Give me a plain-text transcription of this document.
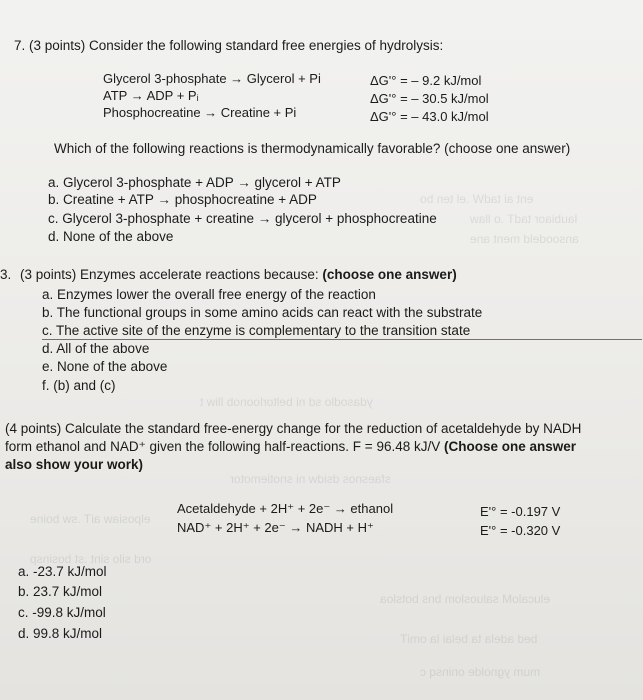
ent ai tadW .el ten bo
laubiaor tadT .o llaw
ansoodeld ment ane
ydasodlo sd ni beltorloonob lliw t
sfaesnos dsidw ni snotiemotor
elposiaw aiT .sw boine
ord silo sint .st bosinsp
elucaloM saluoslom bns botsloa
bed adela ta belai la omiT
mum ygnolde oninsq c
7. (3 points) Consider the following standard free energies of hydrolysis:
Glycerol 3-phosphate → Glycerol + Pi	ΔG'° = – 9.2 kJ/mol
ATP → ADP + Pᵢ	ΔG'° = – 30.5 kJ/mol
Phosphocreatine → Creatine + Pi	ΔG'° = – 43.0 kJ/mol
Which of the following reactions is thermodynamically favorable? (choose one answer)
a. Glycerol 3-phosphate + ADP → glycerol + ATP
b. Creatine + ATP → phosphocreatine + ADP
c. Glycerol 3-phosphate + creatine → glycerol + phosphocreatine
d. None of the above
3. (3 points) Enzymes accelerate reactions because: (choose one answer)
a. Enzymes lower the overall free energy of the reaction
b. The functional groups in some amino acids can react with the substrate
c. The active site of the enzyme is complementary to the transition state
d. All of the above
e. None of the above
f. (b) and (c)
(4 points) Calculate the standard free-energy change for the reduction of acetaldehyde by NADH
form ethanol and NAD⁺ given the following half-reactions. F = 96.48 kJ/V (Choose one answer
also show your work)
Acetaldehyde + 2H⁺ + 2e⁻ → ethanol	E'° = -0.197 V
NAD⁺ + 2H⁺ + 2e⁻ → NADH + H⁺	E'° = -0.320 V
a. -23.7 kJ/mol
b. 23.7 kJ/mol
c. -99.8 kJ/mol
d. 99.8 kJ/mol
